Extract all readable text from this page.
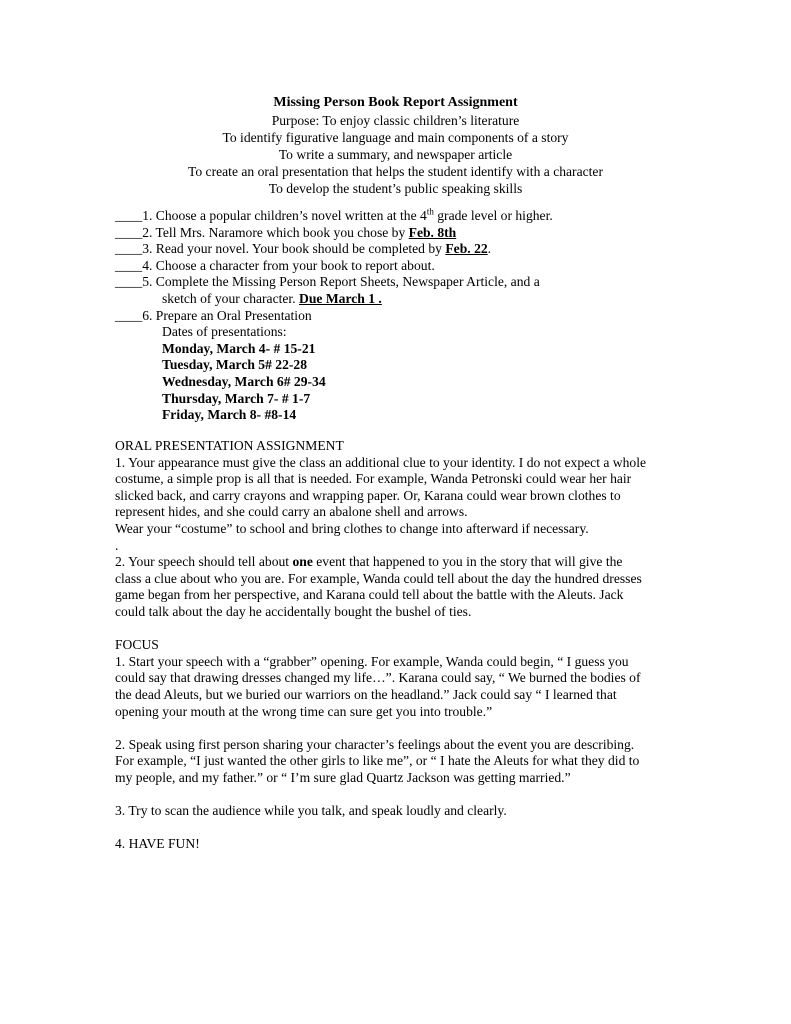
Missing Person Book Report Assignment
Purpose: To enjoy classic children’s literature
To identify figurative language and main components of a story
To write a summary, and newspaper article
To create an oral presentation that helps the student identify with a character
To develop the student’s public speaking skills
____1. Choose a popular children’s novel written at the 4th grade level or higher.
____2. Tell Mrs. Naramore which book you chose by Feb. 8th
____3. Read your novel. Your book should be completed by Feb. 22.
____4. Choose a character from your book to report about.
____5. Complete the Missing Person Report Sheets, Newspaper Article, and a
sketch of your character. Due March 1 .
____6. Prepare an Oral Presentation
Dates of presentations:
Monday, March 4- # 15-21
Tuesday, March 5# 22-28
Wednesday, March 6# 29-34
Thursday, March 7- # 1-7
Friday, March 8- #8-14
ORAL PRESENTATION ASSIGNMENT
1. Your appearance must give the class an additional clue to your identity. I do not expect a whole
costume, a simple prop is all that is needed. For example, Wanda Petronski could wear her hair
slicked back, and carry crayons and wrapping paper. Or, Karana could wear brown clothes to
represent hides, and she could carry an abalone shell and arrows.
Wear your “costume” to school and bring clothes to change into afterward if necessary.
.
2. Your speech should tell about one event that happened to you in the story that will give the
class a clue about who you are. For example, Wanda could tell about the day the hundred dresses
game began from her perspective, and Karana could tell about the battle with the Aleuts. Jack
could talk about the day he accidentally bought the bushel of ties.
FOCUS
1. Start your speech with a “grabber” opening. For example, Wanda could begin, “ I guess you
could say that drawing dresses changed my life…”. Karana could say, “ We burned the bodies of
the dead Aleuts, but we buried our warriors on the headland.” Jack could say “ I learned that
opening your mouth at the wrong time can sure get you into trouble.”
2. Speak using first person sharing your character’s feelings about the event you are describing.
For example, “I just wanted the other girls to like me”, or “ I hate the Aleuts for what they did to
my people, and my father.” or “ I’m sure glad Quartz Jackson was getting married.”
3. Try to scan the audience while you talk, and speak loudly and clearly.
4. HAVE FUN!
